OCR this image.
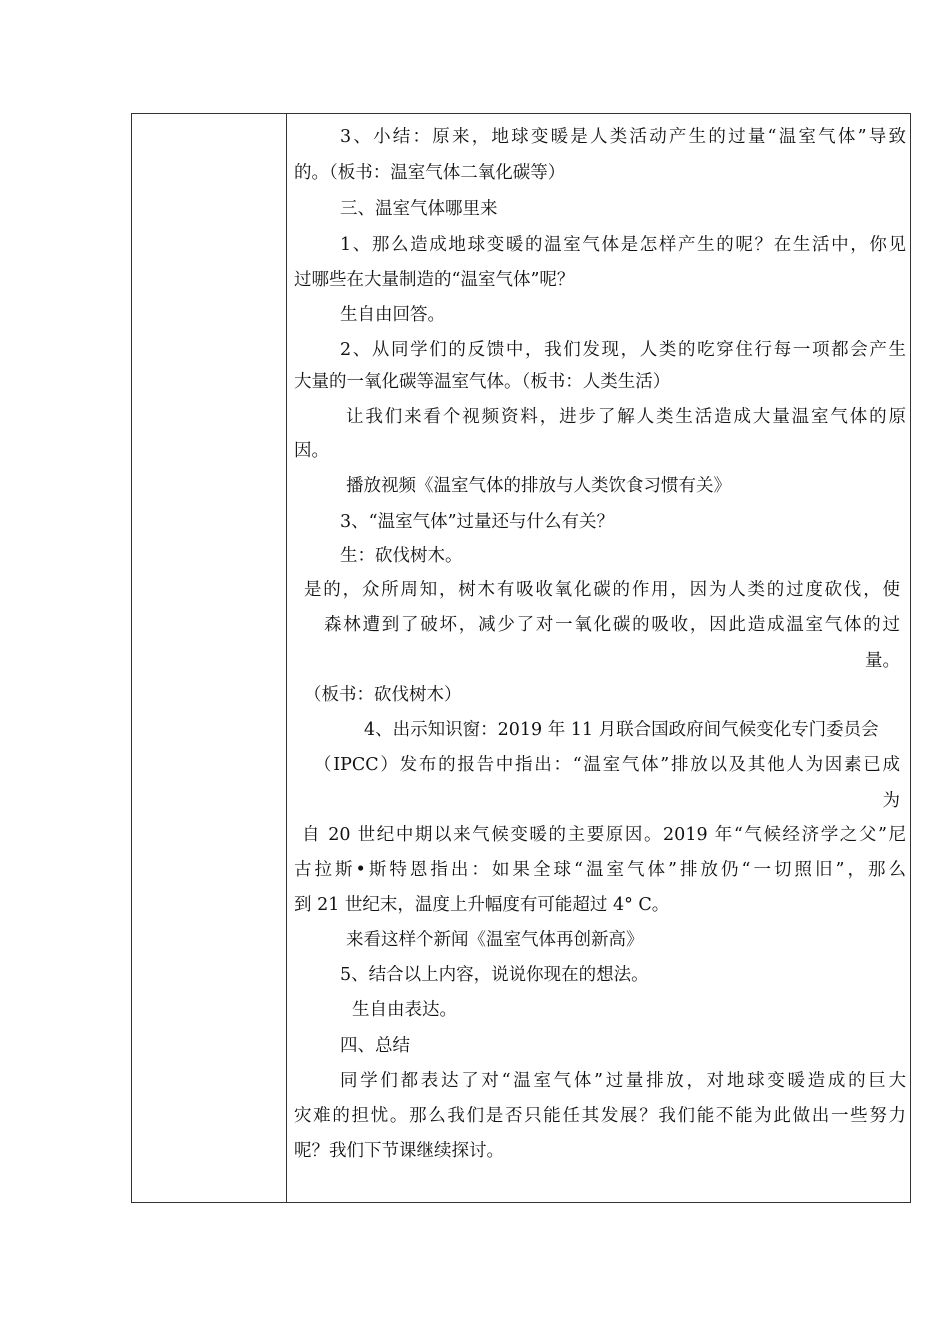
3、小结：原来，地球变暖是人类活动产生的过量“温室气体”导致
的。（板书：温室气体二氧化碳等）
三、温室气体哪里来
1、那么造成地球变暖的温室气体是怎样产生的呢？在生活中，你见
过哪些在大量制造的“温室气体”呢？
生自由回答。
2、从同学们的反馈中，我们发现，人类的吃穿住行每一项都会产生
大量的一氧化碳等温室气体。（板书：人类生活）
让我们来看个视频资料，进步了解人类生活造成大量温室气体的原
因。
播放视频《温室气体的排放与人类饮食习惯有关》
3、“温室气体”过量还与什么有关？
生：砍伐树木。
是的，众所周知，树木有吸收氧化碳的作用，因为人类的过度砍伐，使
森林遭到了破坏，减少了对一氧化碳的吸收，因此造成温室气体的过
量。
（板书：砍伐树木）
4、出示知识窗：2019 年 11 月联合国政府间气候变化专门委员会
（IPCC）发布的报告中指出：“温室气体”排放以及其他人为因素已成
为
自 20 世纪中期以来气候变暖的主要原因。2019 年“气候经济学之父”尼
古拉斯•斯特恩指出：如果全球“温室气体”排放仍“一切照旧”，那么
到 21 世纪末，温度上升幅度有可能超过 4° C。
来看这样个新闻《温室气体再创新高》
5、结合以上内容，说说你现在的想法。
生自由表达。
四、总结
同学们都表达了对“温室气体”过量排放，对地球变暖造成的巨大
灾难的担忧。那么我们是否只能任其发展？我们能不能为此做出一些努力
呢？我们下节课继续探讨。
